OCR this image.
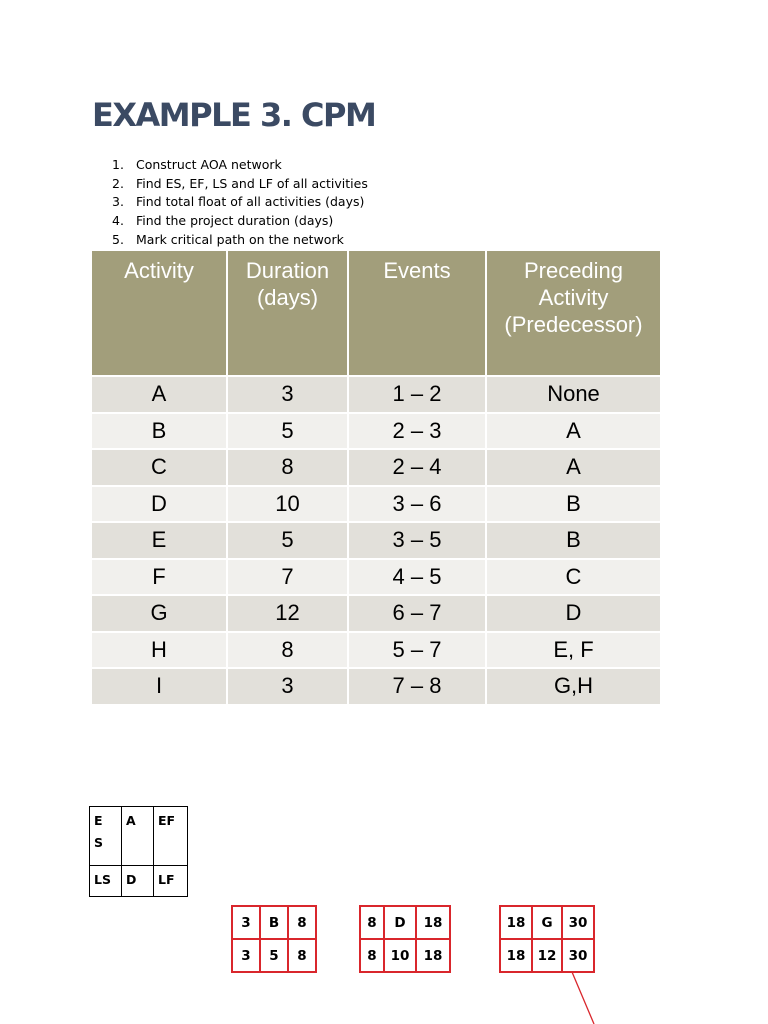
EXAMPLE 3. CPM
1. Construct AOA network
2. Find ES, EF, LS and LF of all activities
3. Find total float of all activities (days)
4. Find the project duration (days)
5. Mark critical path on the network
Activity	Duration (days)	Events	Preceding Activity (Predecessor)
A	3	1 – 2	None
B	5	2 – 3	A
C	8	2 – 4	A
D	10	3 – 6	B
E	5	3 – 5	B
F	7	4 – 5	C
G	12	6 – 7	D
H	8	5 – 7	E, F
I	3	7 – 8	G,H
E
S	A	EF
LS	D	LF
3	B	8
3	5	8
8	D	18
8	10	18
18	G	30
18	12	30
